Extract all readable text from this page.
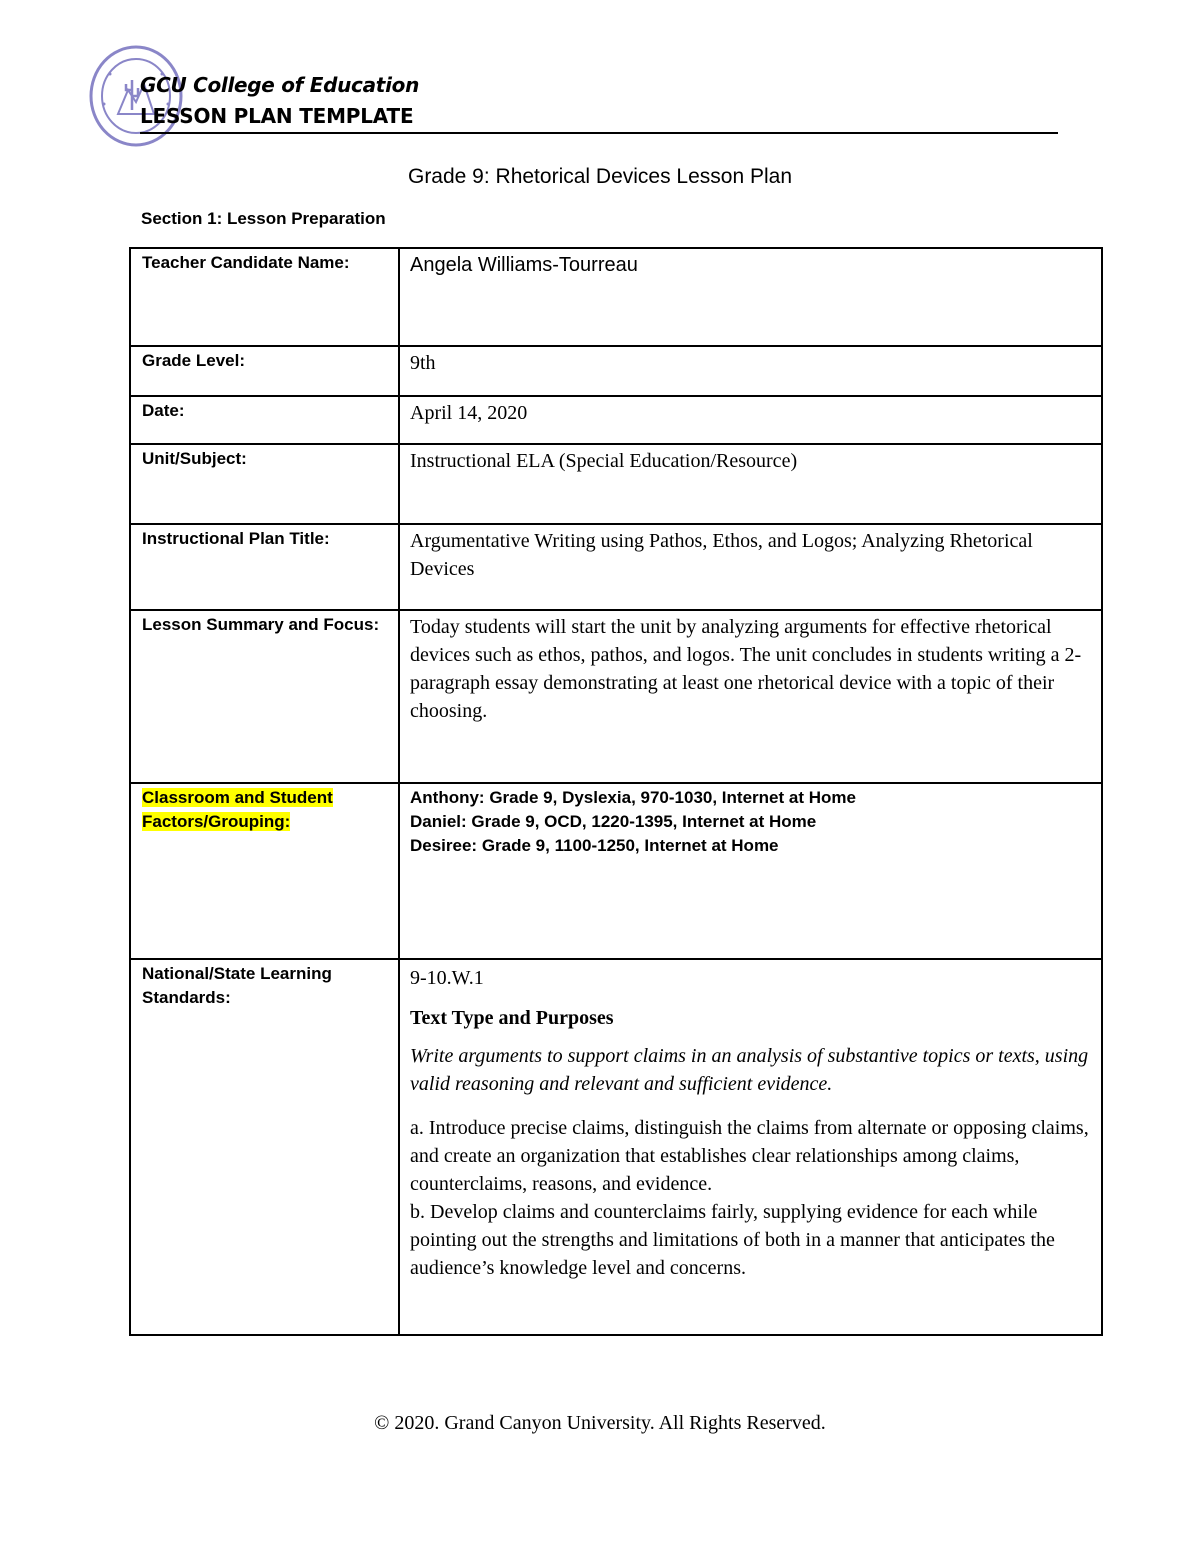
GCU College of Education
LESSON PLAN TEMPLATE
Grade 9: Rhetorical Devices Lesson Plan
Section 1: Lesson Preparation
Teacher Candidate Name:	Angela Williams-Tourreau

Grade Level:	9th
Date:	April 14, 2020
Unit/Subject:	Instructional ELA (Special Education/Resource)
Instructional Plan Title:	Argumentative Writing using Pathos, Ethos, and Logos; Analyzing Rhetorical Devices
Lesson Summary and Focus:	Today students will start the unit by analyzing arguments for effective rhetorical devices such as ethos, pathos, and logos. The unit concludes in students writing a 2-paragraph essay demonstrating at least one rhetorical device with a topic of their choosing.
Classroom and Student Factors/Grouping:	Anthony: Grade 9, Dyslexia, 970-1030, Internet at Home
Daniel: Grade 9, OCD, 1220-1395, Internet at Home
Desiree: Grade 9, 1100-1250, Internet at Home

National/State Learning Standards:	9-10.W.1
Text Type and Purposes
Write arguments to support claims in an analysis of substantive topics or texts, using valid reasoning and relevant and sufficient evidence.
a. Introduce precise claims, distinguish the claims from alternate or opposing claims, and create an organization that establishes clear relationships among claims, counterclaims, reasons, and evidence.
b. Develop claims and counterclaims fairly, supplying evidence for each while pointing out the strengths and limitations of both in a manner that anticipates the audience’s knowledge level and concerns.
© 2020. Grand Canyon University. All Rights Reserved.
